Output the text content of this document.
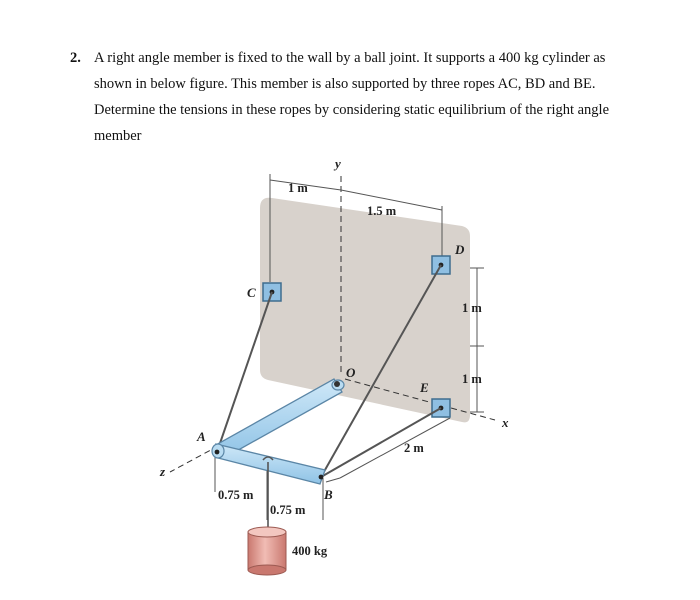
2. A right angle member is fixed to the wall by a ball joint. It supports a 400 kg cylinder as
shown in below figure. This member is also supported by three ropes AC, BD and BE.
Determine the tensions in these ropes by considering static equilibrium of the right angle
member
y
x
z
1 m
1.5 m
1 m
1 m
2 m
0.75 m
0.75 m
400 kg
C
D
E
O
A
B
